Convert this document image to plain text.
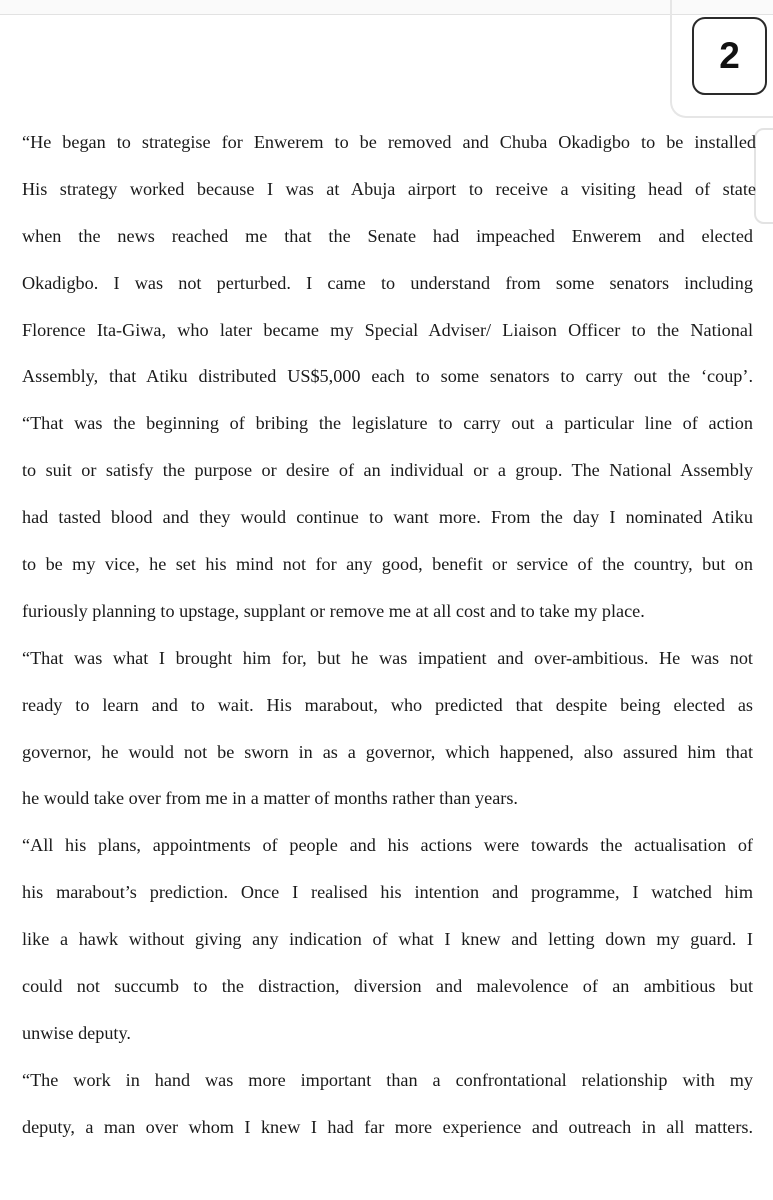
2
“He began to strategise for Enwerem to be removed and Chuba Okadigbo to be installed
His strategy worked because I was at Abuja airport to receive a visiting head of state
when the news reached me that the Senate had impeached Enwerem and elected
Okadigbo. I was not perturbed. I came to understand from some senators including
Florence Ita-Giwa, who later became my Special Adviser/ Liaison Officer to the National
Assembly, that Atiku distributed US$5,000 each to some senators to carry out the ‘coup’.
“That was the beginning of bribing the legislature to carry out a particular line of action
to suit or satisfy the purpose or desire of an individual or a group. The National Assembly
had tasted blood and they would continue to want more. From the day I nominated Atiku
to be my vice, he set his mind not for any good, benefit or service of the country, but on
furiously planning to upstage, supplant or remove me at all cost and to take my place.
“That was what I brought him for, but he was impatient and over-ambitious. He was not
ready to learn and to wait. His marabout, who predicted that despite being elected as
governor, he would not be sworn in as a governor, which happened, also assured him that
he would take over from me in a matter of months rather than years.
“All his plans, appointments of people and his actions were towards the actualisation of
his marabout’s prediction. Once I realised his intention and programme, I watched him
like a hawk without giving any indication of what I knew and letting down my guard. I
could not succumb to the distraction, diversion and malevolence of an ambitious but
unwise deputy.
“The work in hand was more important than a confrontational relationship with my
deputy, a man over whom I knew I had far more experience and outreach in all matters.
